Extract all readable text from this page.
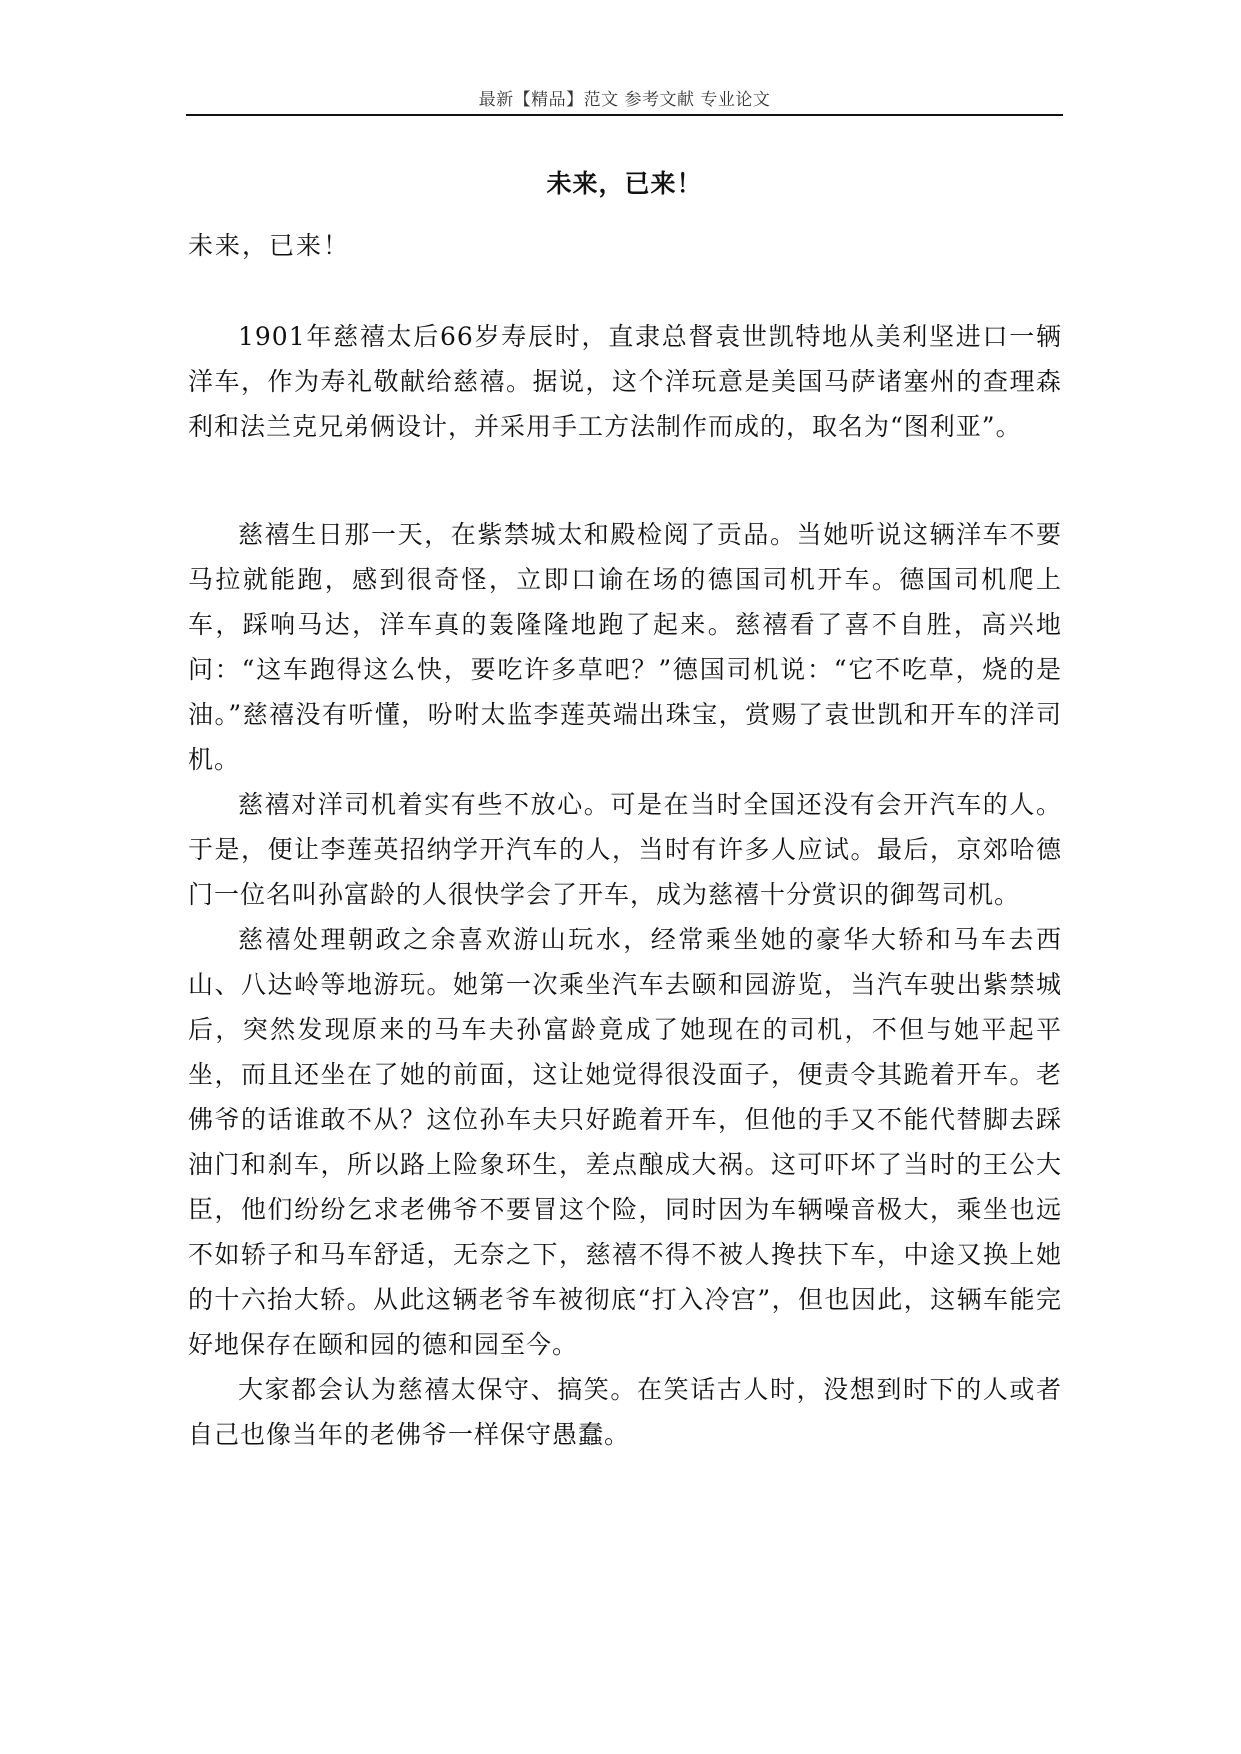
最新【精品】范文 参考文献 专业论文
未来，已来！
未来，已来！

1901年慈禧太后66岁寿辰时，直隶总督袁世凯特地从美利坚进口一辆洋车，作为寿礼敬献给慈禧。据说，这个洋玩意是美国马萨诸塞州的查理森利和法兰克兄弟俩设计，并采用手工方法制作而成的，取名为“图利亚”。

慈禧生日那一天，在紫禁城太和殿检阅了贡品。当她听说这辆洋车不要马拉就能跑，感到很奇怪，立即口谕在场的德国司机开车。德国司机爬上车，踩响马达，洋车真的轰隆隆地跑了起来。慈禧看了喜不自胜，高兴地问：“这车跑得这么快，要吃许多草吧？”德国司机说：“它不吃草，烧的是油。”慈禧没有听懂，吩咐太监李莲英端出珠宝，赏赐了袁世凯和开车的洋司机。

慈禧对洋司机着实有些不放心。可是在当时全国还没有会开汽车的人。于是，便让李莲英招纳学开汽车的人，当时有许多人应试。最后，京郊哈德门一位名叫孙富龄的人很快学会了开车，成为慈禧十分赏识的御驾司机。

慈禧处理朝政之余喜欢游山玩水，经常乘坐她的豪华大轿和马车去西山、八达岭等地游玩。她第一次乘坐汽车去颐和园游览，当汽车驶出紫禁城后，突然发现原来的马车夫孙富龄竟成了她现在的司机，不但与她平起平坐，而且还坐在了她的前面，这让她觉得很没面子，便责令其跪着开车。老佛爷的话谁敢不从？这位孙车夫只好跪着开车，但他的手又不能代替脚去踩油门和刹车，所以路上险象环生，差点酿成大祸。这可吓坏了当时的王公大臣，他们纷纷乞求老佛爷不要冒这个险，同时因为车辆噪音极大，乘坐也远不如轿子和马车舒适，无奈之下，慈禧不得不被人搀扶下车，中途又换上她的十六抬大轿。从此这辆老爷车被彻底“打入冷宫”，但也因此，这辆车能完好地保存在颐和园的德和园至今。

大家都会认为慈禧太保守、搞笑。在笑话古人时，没想到时下的人或者自己也像当年的老佛爷一样保守愚蠢。
